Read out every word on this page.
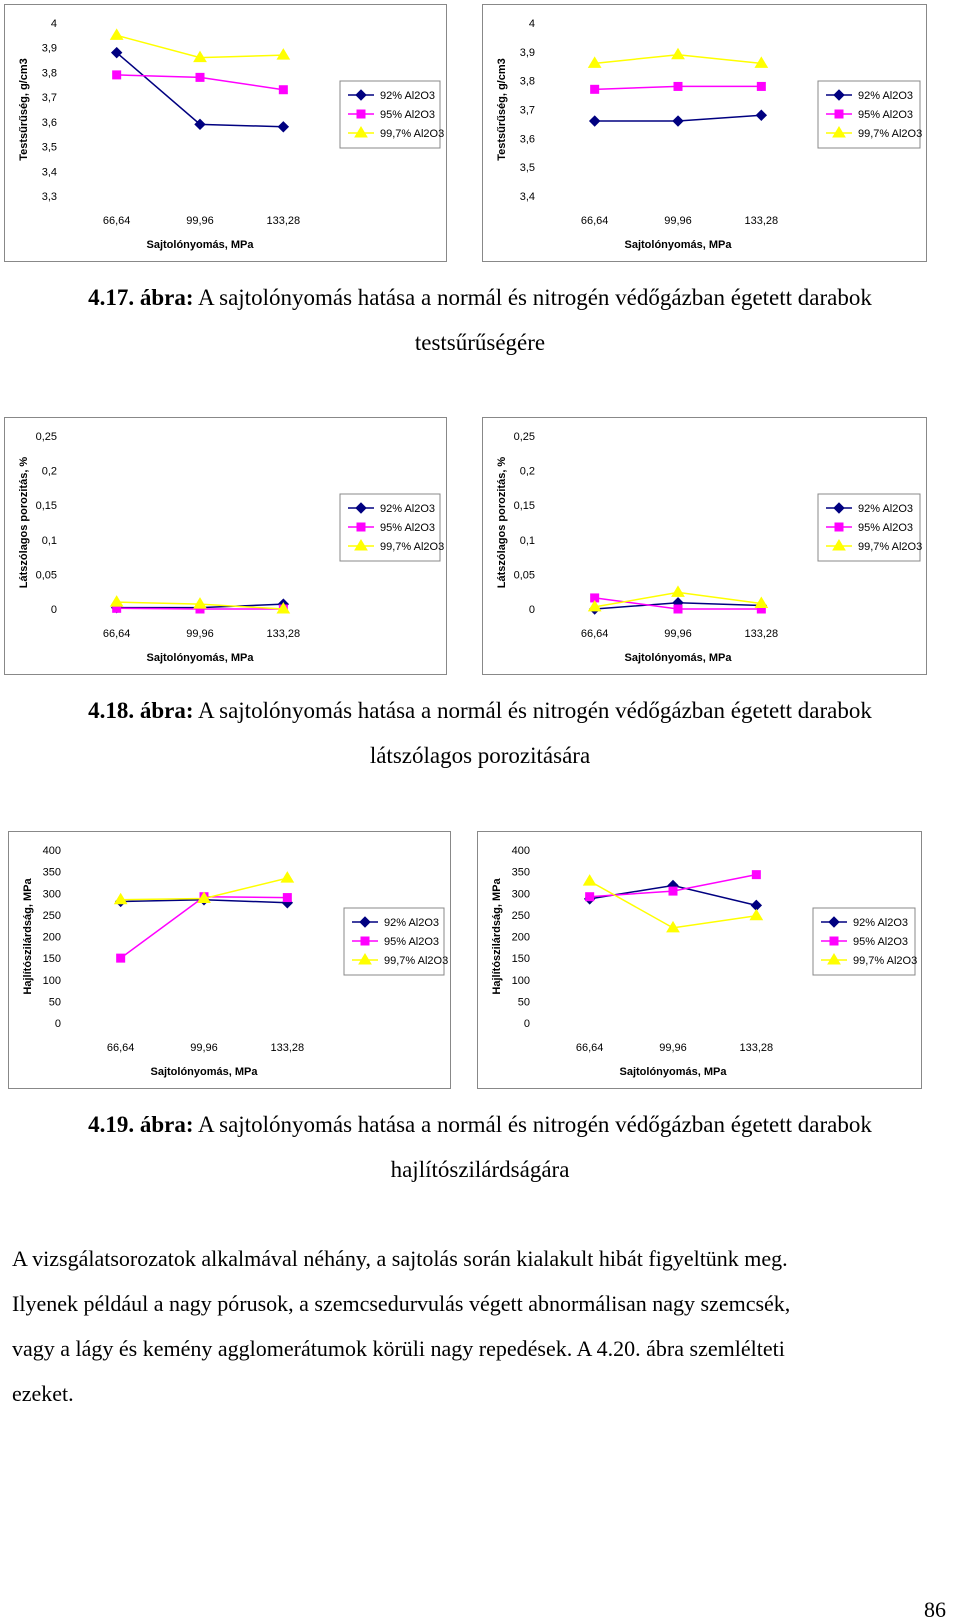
Testsűrűség, g/cm3
3,3
3,4
3,5
3,6
3,7
3,8
3,9
4
66,64	99,96	133,28
Sajtolónyomás, MPa
92% Al2O3
95% Al2O3
99,7% Al2O3	Testsűrűség, g/cm3
3,4
3,5
3,6
3,7
3,8
3,9
4
66,64	99,96	133,28
Sajtolónyomás, MPa
92% Al2O3
95% Al2O3
99,7% Al2O3
4.17. ábra: A sajtolónyomás hatása a normál és nitrogén védőgázban égetett darabok
testsűrűségére
Látszólagos porozitás, %
0
0,05
0,1
0,15
0,2
0,25
66,64	99,96	133,28
Sajtolónyomás, MPa
92% Al2O3
95% Al2O3
99,7% Al2O3	Látszólagos porozitás, %
0
0,05
0,1
0,15
0,2
0,25
66,64	99,96	133,28
Sajtolónyomás, MPa
92% Al2O3
95% Al2O3
99,7% Al2O3
4.18. ábra: A sajtolónyomás hatása a normál és nitrogén védőgázban égetett darabok
látszólagos porozitására
Hajlítószilárdság, MPa
0
50
100
150
200
250
300
350
400
66,64	99,96	133,28
Sajtolónyomás, MPa
92% Al2O3
95% Al2O3
99,7% Al2O3	Hajlítószilárdság, MPa
0
50
100
150
200
250
300
350
400
66,64	99,96	133,28
Sajtolónyomás, MPa
92% Al2O3
95% Al2O3
99,7% Al2O3
4.19. ábra: A sajtolónyomás hatása a normál és nitrogén védőgázban égetett darabok
hajlítószilárdságára
A vizsgálatsorozatok alkalmával néhány, a sajtolás során kialakult hibát figyeltünk meg.
Ilyenek például a nagy pórusok, a szemcsedurvulás végett abnormálisan nagy szemcsék,
vagy a lágy és kemény agglomerátumok körüli nagy repedések. A 4.20. ábra szemlélteti
ezeket.
86
